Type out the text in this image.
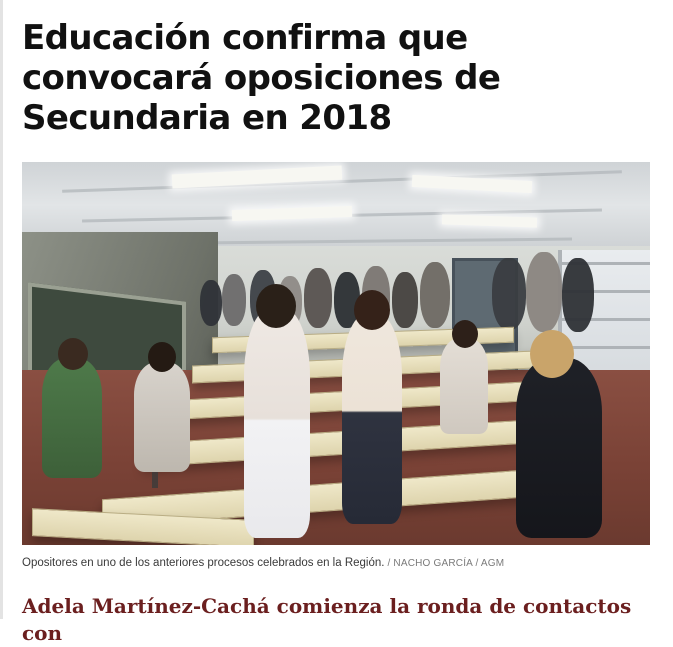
Educación confirma que convocará oposiciones de Secundaria en 2018
Opositores en uno de los anteriores procesos celebrados en la Región. / NACHO GARCÍA / AGM
Adela Martínez-Cachá comienza la ronda de contactos con
